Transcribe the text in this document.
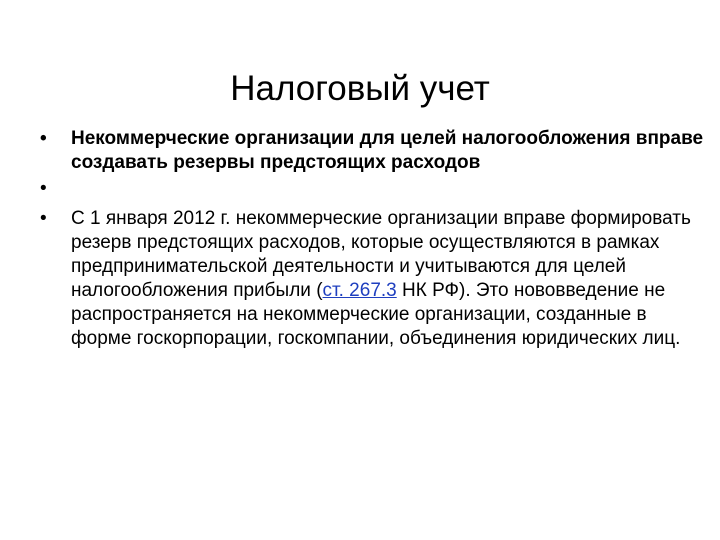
Налоговый учет
• Некоммерческие организации для целей налогообложения вправе создавать резервы предстоящих расходов
•
• С 1 января 2012 г. некоммерческие организации вправе формировать резерв предстоящих расходов, которые осуществляются в рамках предпринимательской деятельности и учитываются для целей налогообложения прибыли (ст. 267.3 НК РФ). Это нововведение не распространяется на некоммерческие организации, созданные в форме госкорпорации, госкомпании, объединения юридических лиц.
